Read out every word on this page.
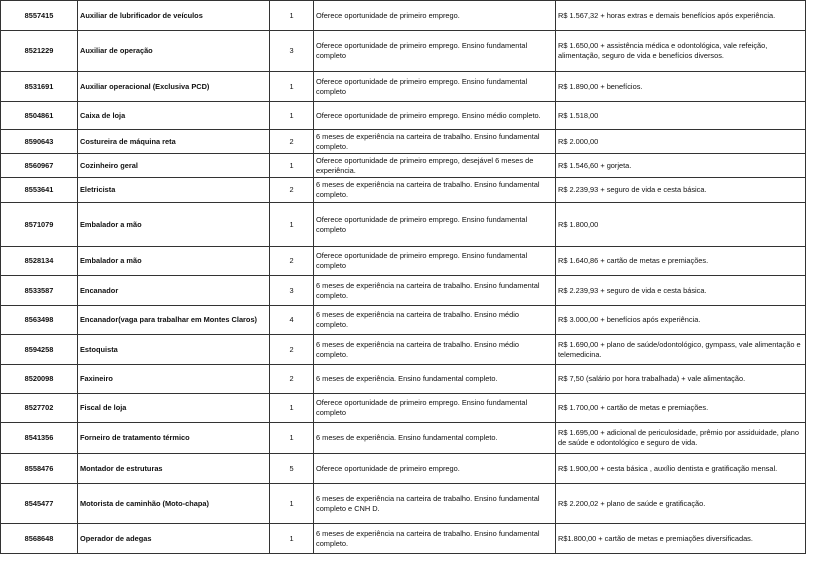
8557415	Auxiliar de lubrificador de veículos	1	Oferece oportunidade de primeiro emprego.	R$ 1.567,32 + horas extras e demais benefícios após experiência.
8521229	Auxiliar de operação	3	Oferece oportunidade de primeiro emprego. Ensino fundamental completo	R$ 1.650,00 + assistência médica e odontológica, vale refeição, alimentação, seguro de vida e benefícios diversos.
8531691	Auxiliar operacional (Exclusiva PCD)	1	Oferece oportunidade de primeiro emprego. Ensino fundamental completo	R$ 1.890,00 + benefícios.
8504861	Caixa de loja	1	Oferece oportunidade de primeiro emprego. Ensino médio completo.	R$ 1.518,00
8590643	Costureira de máquina reta	2	6 meses de experiência na carteira de trabalho. Ensino fundamental completo.	R$ 2.000,00
8560967	Cozinheiro geral	1	Oferece oportunidade de primeiro emprego, desejável 6 meses de experiência.	R$ 1.546,60 + gorjeta.
8553641	Eletricista	2	6 meses de experiência na carteira de trabalho. Ensino fundamental completo.	R$ 2.239,93 + seguro de vida e cesta básica.
8571079	Embalador a mão	1	Oferece oportunidade de primeiro emprego. Ensino fundamental completo	R$ 1.800,00
8528134	Embalador a mão	2	Oferece oportunidade de primeiro emprego. Ensino fundamental completo	R$ 1.640,86 + cartão de metas e premiações.
8533587	Encanador	3	6 meses de experiência na carteira de trabalho. Ensino fundamental completo.	R$ 2.239,93 + seguro de vida e cesta básica.
8563498	Encanador(vaga para trabalhar em Montes Claros)	4	6 meses de experiência na carteira de trabalho. Ensino médio completo.	R$ 3.000,00 + benefícios após experiência.
8594258	Estoquista	2	6 meses de experiência na carteira de trabalho. Ensino médio completo.	R$ 1.690,00 + plano de saúde/odontológico, gympass, vale alimentação e telemedicina.
8520098	Faxineiro	2	6 meses de experiência. Ensino fundamental completo.	R$ 7,50 (salário por hora trabalhada) + vale alimentação.
8527702	Fiscal de loja	1	Oferece oportunidade de primeiro emprego. Ensino fundamental completo	R$ 1.700,00 + cartão de metas e premiações.
8541356	Forneiro de tratamento térmico	1	6 meses de experiência. Ensino fundamental completo.	R$ 1.695,00 + adicional de periculosidade, prêmio por assiduidade, plano de saúde e odontológico e seguro de vida.
8558476	Montador de estruturas	5	Oferece oportunidade de primeiro emprego.	R$ 1.900,00 + cesta básica , auxílio dentista e gratificação mensal.
8545477	Motorista de caminhão (Moto-chapa)	1	6 meses de experiência na carteira de trabalho. Ensino fundamental completo e CNH D.	R$ 2.200,02 + plano de saúde e gratificação.
8568648	Operador de adegas	1	6 meses de experiência na carteira de trabalho. Ensino fundamental completo.	R$1.800,00 + cartão de metas e premiações diversificadas.
